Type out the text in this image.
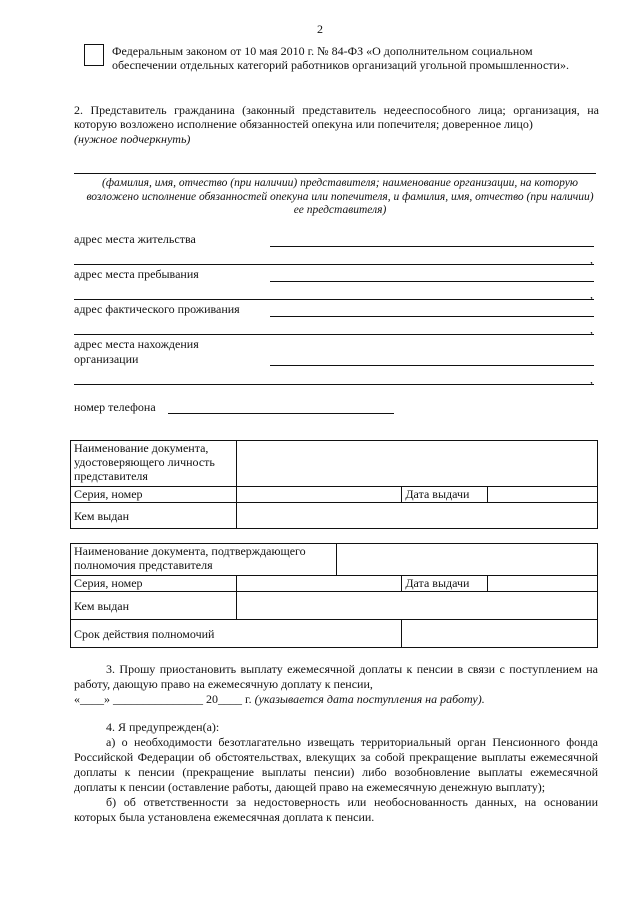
2
Федеральным законом от 10 мая 2010 г. № 84-ФЗ «О дополнительном социальном обеспечении отдельных категорий работников организаций угольной промышленности».
2. Представитель гражданина (законный представитель недееспособного лица; организация, на которую возложено исполнение обязанностей опекуна или попечителя; доверенное лицо)
(нужное подчеркнуть)
(фамилия, имя, отчество (при наличии) представителя; наименование организации, на которую возложено исполнение обязанностей опекуна или попечителя, и фамилия, имя, отчество (при наличии) ее представителя)
адрес места жительства
,
адрес места пребывания
,
адрес фактического проживания
,
адрес места нахождения
организации
,
номер телефона
Наименование документа, удостоверяющего личность представителя			
Серия, номер		Дата выдачи	
Кем выдан			
Наименование документа, подтверждающего полномочия представителя				
Серия, номер			Дата выдачи	
Кем выдан				
Срок действия полномочий				
3. Прошу приостановить выплату ежемесячной доплаты к пенсии в связи с поступлением на работу, дающую право на ежемесячную доплату к пенсии,
«____» _______________ 20____ г. (указывается дата поступления на работу).
4. Я предупрежден(а):
а) о необходимости безотлагательно извещать территориальный орган Пенсионного фонда Российской Федерации об обстоятельствах, влекущих за собой прекращение выплаты ежемесячной доплаты к пенсии (прекращение выплаты пенсии) либо возобновление выплаты ежемесячной доплаты к пенсии (оставление работы, дающей право на ежемесячную денежную выплату);
б) об ответственности за недостоверность или необоснованность данных, на основании которых была установлена ежемесячная доплата к пенсии.
